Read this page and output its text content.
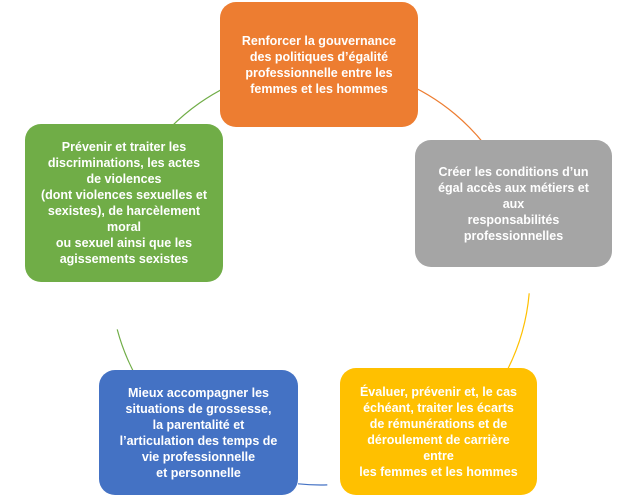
Renforcer la gouvernance
des politiques d’égalité
professionnelle entre les
femmes et les hommes
Créer les conditions d’un
égal accès aux métiers et
aux
responsabilités
professionnelles
Évaluer, prévenir et, le cas
échéant, traiter les écarts
de rémunérations et de
déroulement de carrière
entre
les femmes et les hommes
Mieux accompagner les
situations de grossesse,
la parentalité et
l’articulation des temps de
vie professionnelle
et personnelle
Prévenir et traiter les
discriminations, les actes
de violences
(dont violences sexuelles et
sexistes), de harcèlement
moral
ou sexuel ainsi que les
agissements sexistes
